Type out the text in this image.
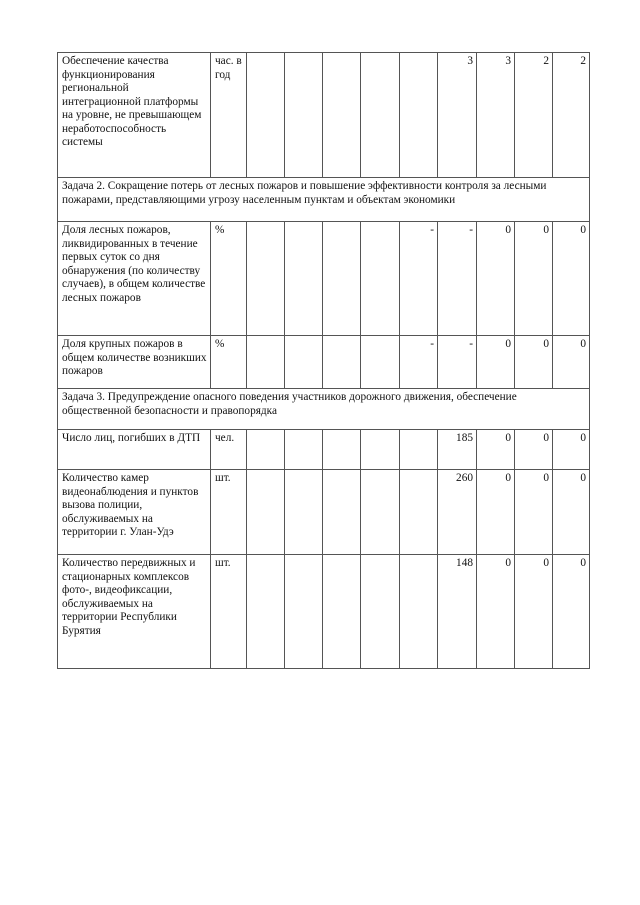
Обеспечение качества функционирования региональной интеграционной платформы на уровне, не превышающем неработоспособность системы	час. в год						3	3	2	2
Задача 2. Сокращение потерь от лесных пожаров и повышение эффективности контроля за лесными пожарами, представляющими угрозу населенным пунктам и объектам экономики										
Доля лесных пожаров, ликвидированных в течение первых суток со дня обнаружения (по количеству случаев), в общем количестве лесных пожаров	%					-	-	0	0	0
Доля крупных пожаров в общем количестве возникших пожаров	%					-	-	0	0	0
Задача 3. Предупреждение опасного поведения участников дорожного движения, обеспечение общественной безопасности и правопорядка										
Число лиц, погибших в ДТП	чел.						185	0	0	0
Количество камер видеонаблюдения и пунктов вызова полиции, обслуживаемых на территории г. Улан-Удэ	шт.						260	0	0	0
Количество передвижных и стационарных комплексов фото-, видеофиксации, обслуживаемых на территории Республики Бурятия	шт.						148	0	0	0
